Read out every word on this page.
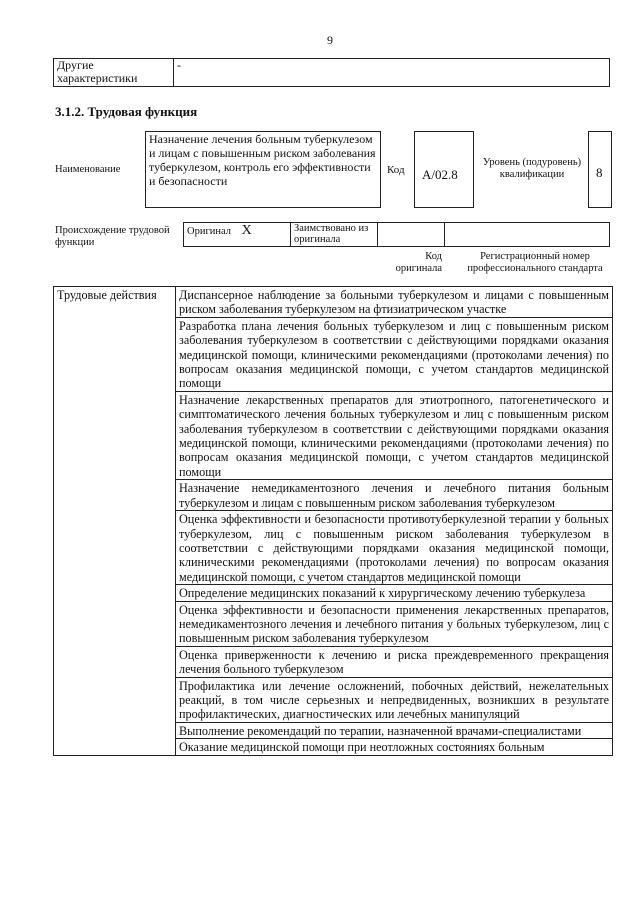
9
Другие характеристики	-
3.1.2. Трудовая функция
Наименование
Назначение лечения больным туберкулезом и лицам с повышенным риском заболевания туберкулезом, контроль его эффективности и безопасности
Код A/02.8
Уровень (подуровень) квалификации	8
Происхождение трудовой функции
Оригинал X	Заимствовано из оригинала		
Код оригинала
Регистрационный номер профессионального стандарта
Трудовые действия	Диспансерное наблюдение за больными туберкулезом и лицами с повышенным риском заболевания туберкулезом на фтизиатрическом участке
Разработка плана лечения больных туберкулезом и лиц с повышенным риском заболевания туберкулезом в соответствии с действующими порядками оказания медицинской помощи, клиническими рекомендациями (протоколами лечения) по вопросам оказания медицинской помощи, с учетом стандартов медицинской помощи
Назначение лекарственных препаратов для этиотропного, патогенетического и симптоматического лечения больных туберкулезом и лиц с повышенным риском заболевания туберкулезом в соответствии с действующими порядками оказания медицинской помощи, клиническими рекомендациями (протоколами лечения) по вопросам оказания медицинской помощи, с учетом стандартов медицинской помощи
Назначение немедикаментозного лечения и лечебного питания больным туберкулезом и лицам с повышенным риском заболевания туберкулезом
Оценка эффективности и безопасности противотуберкулезной терапии у больных туберкулезом, лиц с повышенным риском заболевания туберкулезом в соответствии с действующими порядками оказания медицинской помощи, клиническими рекомендациями (протоколами лечения) по вопросам оказания медицинской помощи, с учетом стандартов медицинской помощи
Определение медицинских показаний к хирургическому лечению туберкулеза
Оценка эффективности и безопасности применения лекарственных препаратов, немедикаментозного лечения и лечебного питания у больных туберкулезом, лиц с повышенным риском заболевания туберкулезом
Оценка приверженности к лечению и риска преждевременного прекращения лечения больного туберкулезом
Профилактика или лечение осложнений, побочных действий, нежелательных реакций, в том числе серьезных и непредвиденных, возникших в результате профилактических, диагностических или лечебных манипуляций
Выполнение рекомендаций по терапии, назначенной врачами-специалистами
Оказание медицинской помощи при неотложных состояниях больным
